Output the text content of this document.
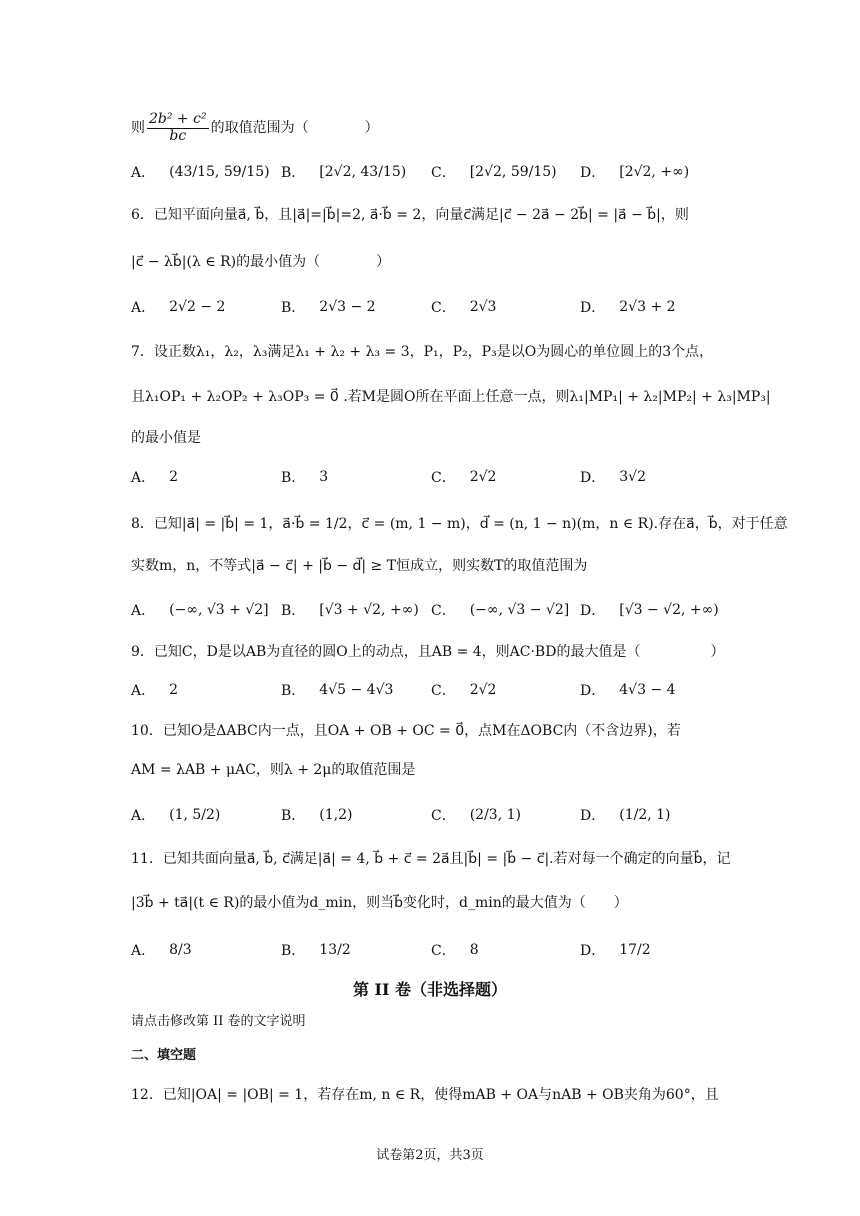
则 $\frac{\text{2b² + c²}}{bc}$ 的取值范围为（　　　　）
A． (43/15, 59/15) B． [2√2, 43/15) C． [2√2, 59/15) D． [2√2, +∞)
6．已知平面向量a⃗, b⃗，且|a⃗|=|b⃗|=2, a⃗·b⃗ = 2，向量c⃗满足|c⃗ − 2a⃗ − 2b⃗| = |a⃗ − b⃗|，则
|c⃗ − λb⃗|(λ ∈ R)的最小值为（　　　　）
A． 2√2 − 2	B． 2√3 − 2	C． 2√3	D． 2√3 + 2
7．设正数λ₁，λ₂，λ₃满足λ₁ + λ₂ + λ₃ = 3，P₁，P₂，P₃是以O为圆心的单位圆上的3个点，
且λ₁OP₁ + λ₂OP₂ + λ₃OP₃ = 0⃗ .若M是圆O所在平面上任意一点，则λ₁|MP₁| + λ₂|MP₂| + λ₃|MP₃|
的最小值是
A． 2	B． 3	C． 2√2	D． 3√2
8．已知|a⃗| = |b⃗| = 1，a⃗·b⃗ = 1/2，c⃗ = (m, 1 − m)，d⃗ = (n, 1 − n)(m，n ∈ R).存在a⃗，b⃗，对于任意
实数m，n，不等式|a⃗ − c⃗| + |b⃗ − d⃗| ≥ T恒成立，则实数T的取值范围为
A． (−∞, √3 + √2] B． [√3 + √2, +∞) C． (−∞, √3 − √2] D． [√3 − √2, +∞)
9．已知C，D是以AB为直径的圆O上的动点，且AB = 4，则AC·BD的最大值是（　　　　　）
A． 2	B． 4√5 − 4√3	C． 2√2	D． 4√3 − 4
10．已知O是ΔABC内一点，且OA + OB + OC = 0⃗，点M在ΔOBC内（不含边界)，若
AM = λAB + μAC，则λ + 2μ的取值范围是
A． (1, 5/2)	B． (1,2)	C． (2/3, 1)	D． (1/2, 1)
11．已知共面向量a⃗, b⃗, c⃗满足|a⃗| = 4, b⃗ + c⃗ = 2a⃗且|b⃗| = |b⃗ − c⃗|.若对每一个确定的向量b⃗，记
|3b⃗ + ta⃗|(t ∈ R)的最小值为d_min，则当b⃗变化时，d_min的最大值为（　　）
A． 8/3	B． 13/2	C． 8	D． 17/2
第 II 卷（非选择题）
请点击修改第 II 卷的文字说明
二、填空题
12．已知|OA| = |OB| = 1，若存在m, n ∈ R，使得mAB + OA与nAB + OB夹角为60°，且
试卷第2页，共3页
